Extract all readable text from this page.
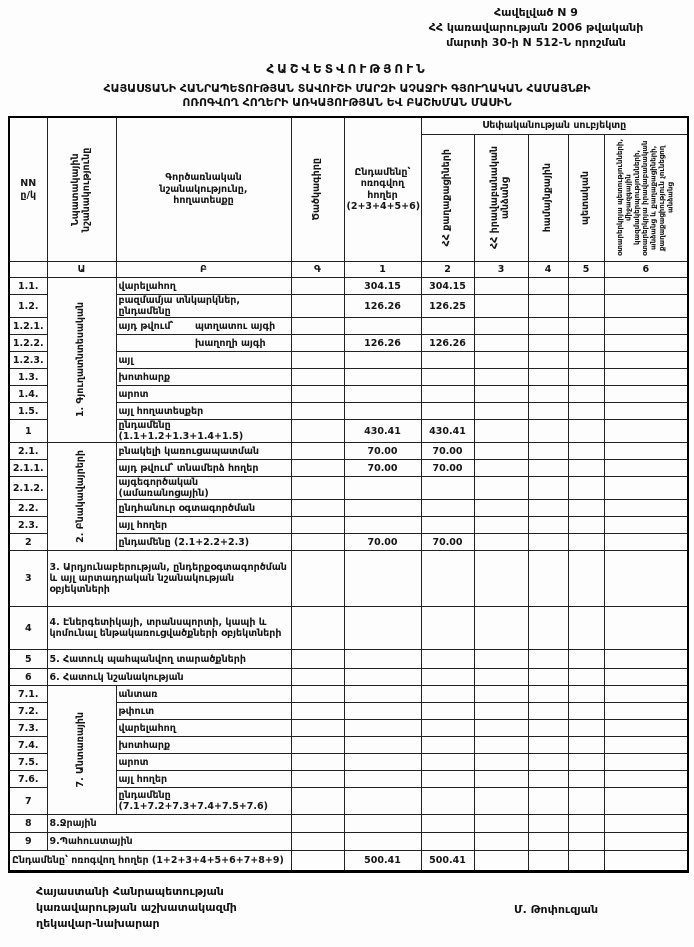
Հավելված N 9
ՀՀ կառավարության 2006 թվականի
մարտի 30-ի N 512-Ն որոշման
ՀԱՇՎԵՏՎՈՒԹՅՈՒՆ
ՀԱՅԱՍՏԱՆԻ ՀԱՆՐԱՊԵՏՈՒԹՅԱՆ ՏԱՎՈՒՇԻ ՄԱՐԶԻ ԱՉԱՋՐԻ ԳՅՈՒՂԱԿԱՆ ՀԱՄԱՅՆՔԻ
ՈՌՈԳՎՈՂ ՀՈՂԵՐԻ ԱՌԿԱՅՈՒԹՅԱՆ ԵՎ ԲԱՇԽՄԱՆ ՄԱՍԻՆ
NN
ը/կ	Նպատակային նշանակությունը	Գործառնական նշանակությունը, հողատեսքը	Ծածկագիրը	Ընդամենը՝ ոռոգվող հողեր (2+3+4+5+6)	Սեփականության սուբյեկտը				

					ՀՀ քաղաքացիների	ՀՀ իրավաբանական անձանց	համայնքային	պետական	օտարերկրյա պետությունների, միջազգային կազմակերպությունների, օտարերկրյա իրավաբանական անձանց և քաղաքացիների, քաղաքացիություն չունեցող անձանց

	Ա	Բ	Գ	1	2	3	4	5	6
1.1.	1. Գյուղատնտեսական	վարելահող		304.15	304.15				
1.2.		բազմամյա տնկարկներ, ընդամենը		126.26	126.25				
1.2.1.		այդ թվում՝ պտղատու այգի							

1.2.2.		խաղողի այգի		126.26	126.26				
1.2.3.		այլ							
1.3.		խոտհարք							
1.4.		արոտ							
1.5.		այլ հողատեսքեր							
1		ընդամենը (1.1+1.2+1.3+1.4+1.5)		430.41	430.41				
2.1.	2. Բնակավայրերի	բնակելի կառուցապատման		70.00	70.00				
2.1.1.		այդ թվում՝ տնամերձ հողեր		70.00	70.00				
2.1.2.		այգեգործական (ամառանոցային)							
2.2.		ընդհանուր օգտագործման							
2.3.		այլ հողեր							
2		ընդամենը (2.1+2.2+2.3)		70.00	70.00				
3	3. Արդյունաբերության, ընդերքօգտագործման և այլ արտադրական նշանակության օբյեկտների								
4	4. Էներգետիկայի, տրանսպորտի, կապի և կոմունալ ենթակառուցվածքների օբյեկտների								
5	5. Հատուկ պահպանվող տարածքների								
6	6. Հատուկ նշանակության								
7.1.	7. Անտառային	անտառ							
7.2.		թփուտ							
7.3.		վարելահող							
7.4.		խոտհարք							
7.5.		արոտ							
7.6.		այլ հողեր							
7		ընդամենը
(7.1+7.2+7.3+7.4+7.5+7.6)							

8	8.Ջրային								
9	9.Պահուստային								
Ընդամենը՝ ոռոգվող հողեր (1+2+3+4+5+6+7+8+9)				500.41	500.41				
Հայաստանի Հանրապետության
կառավարության աշխատակազմի
ղեկավար-նախարար
Մ. Թոփուզյան
